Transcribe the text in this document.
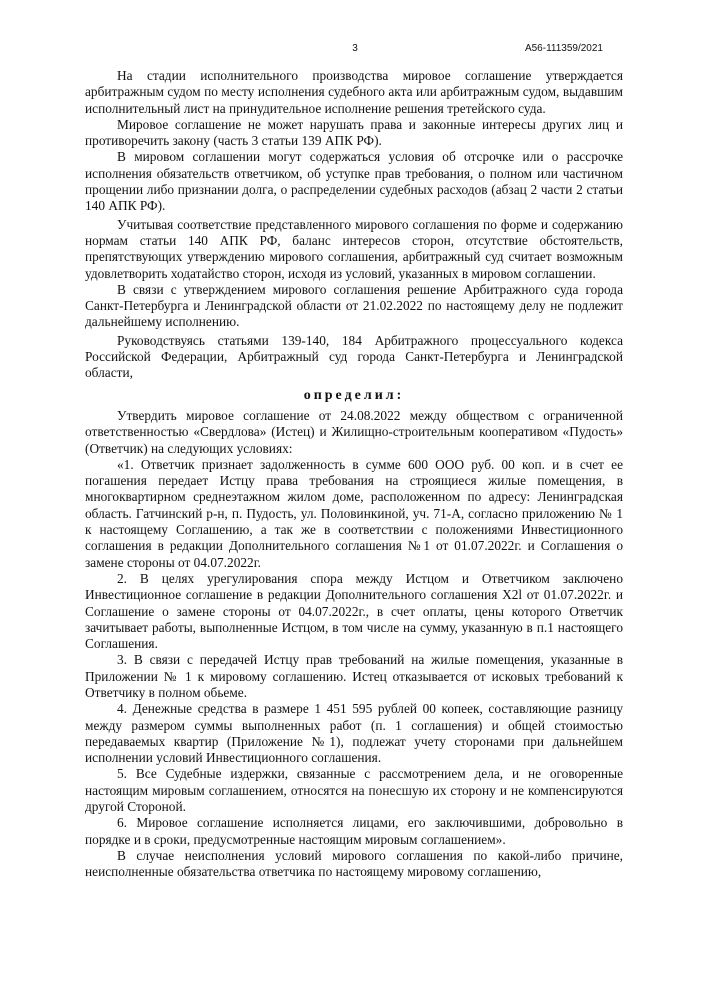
3	А56-111359/2021

На стадии исполнительного производства мировое соглашение утверждается арбитражным судом по месту исполнения судебного акта или арбитражным судом, выдавшим исполнительный лист на принудительное исполнение решения третейского суда.

Мировое соглашение не может нарушать права и законные интересы других лиц и противоречить закону (часть 3 статьи 139 АПК РФ).

В мировом соглашении могут содержаться условия об отсрочке или о рассрочке исполнения обязательств ответчиком, об уступке прав требования, о полном или частичном прощении либо признании долга, о распределении судебных расходов (абзац 2 части 2 статьи 140 АПК РФ).

Учитывая соответствие представленного мирового соглашения по форме и содержанию нормам статьи 140 АПК РФ, баланс интересов сторон, отсутствие обстоятельств, препятствующих утверждению мирового соглашения, арбитражный суд считает возможным удовлетворить ходатайство сторон, исходя из условий, указанных в мировом соглашении.

В связи с утверждением мирового соглашения решение Арбитражного суда города Санкт-Петербурга и Ленинградской области от 21.02.2022 по настоящему делу не подлежит дальнейшему исполнению.

Руководствуясь статьями 139-140, 184 Арбитражного процессуального кодекса Российской Федерации, Арбитражный суд города Санкт-Петербурга и Ленинградской области,

определил:

Утвердить мировое соглашение от 24.08.2022 между обществом с ограниченной ответственностью «Свердлова» (Истец) и Жилищно-строительным кооперативом «Пудость» (Ответчик) на следующих условиях:

«1. Ответчик признает задолженность в сумме 600 ООО руб. 00 коп. и в счет ее погашения передает Истцу права требования на строящиеся жилые помещения, в многоквартирном среднеэтажном жилом доме, расположенном по адресу: Ленинградская область. Гатчинский р-н, п. Пудость, ул. Половинкиной, уч. 71-А, согласно приложению № 1 к настоящему Соглашению, а так же в соответствии с положениями Инвестиционного соглашения в редакции Дополнительного соглашения №1 от 01.07.2022г. и Соглашения о замене стороны от 04.07.2022г.

2. В целях урегулирования спора между Истцом и Ответчиком заключено Инвестиционное соглашение в редакции Дополнительного соглашения Х2l от 01.07.2022г. и Соглашение о замене стороны от 04.07.2022г., в счет оплаты, цены которого Ответчик зачитывает работы, выполненные Истцом, в том числе на сумму, указанную в п.1 настоящего Соглашения.

3. В связи с передачей Истцу прав требований на жилые помещения, указанные в Приложении № 1 к мировому соглашению. Истец отказывается от исковых требований к Ответчику в полном обьеме.

4. Денежные средства в размере 1 451 595 рублей 00 копеек, составляющие разницу между размером суммы выполненных работ (п. 1 соглашения) и общей стоимостью передаваемых квартир (Приложение №1), подлежат учету сторонами при дальнейшем исполнении условий Инвестиционного соглашения.

5. Все Судебные издержки, связанные с рассмотрением дела, и не оговоренные настоящим мировым соглашением, относятся на понесшую их сторону и не компенсируются другой Стороной.

6. Мировое соглашение исполняется лицами, его заключившими, добровольно в порядке и в сроки, предусмотренные настоящим мировым соглашением».

В случае неисполнения условий мирового соглашения по какой-либо причине, неисполненные обязательства ответчика по настоящему мировому соглашению,
